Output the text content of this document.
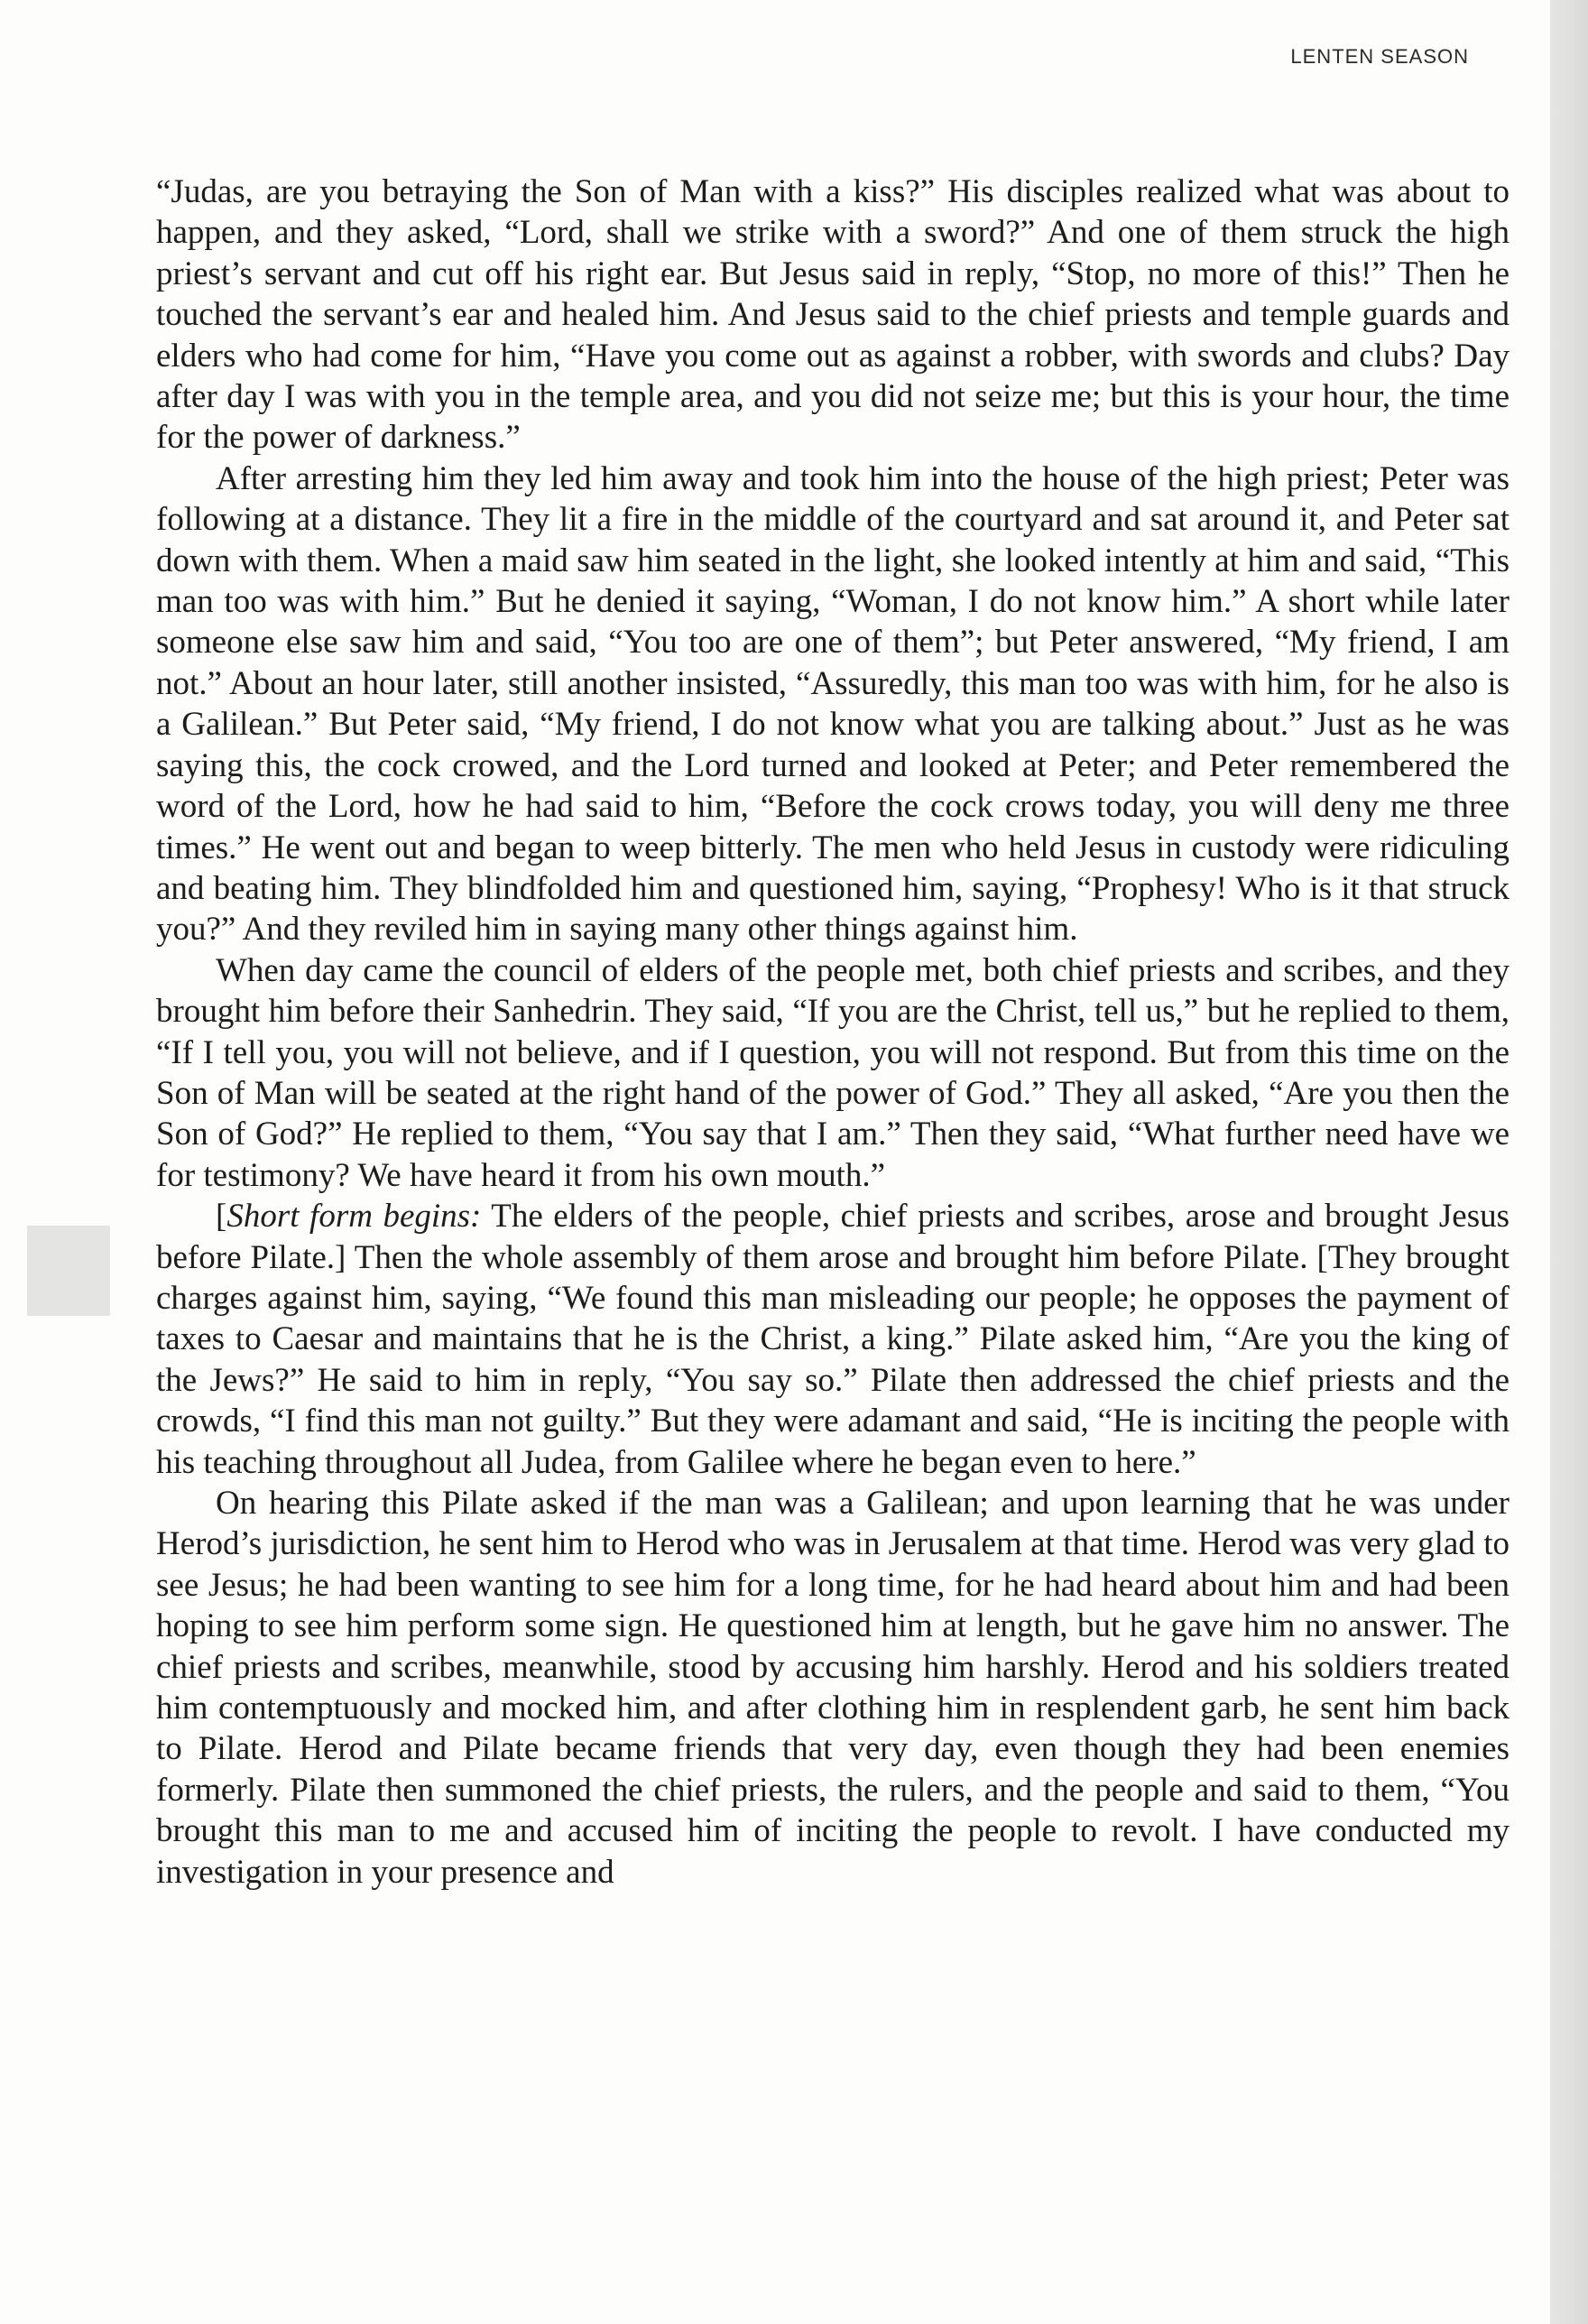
LENTEN SEASON

“Judas, are you betraying the Son of Man with a kiss?” His disciples realized what was about to happen, and they asked, “Lord, shall we strike with a sword?” And one of them struck the high priest’s servant and cut off his right ear. But Jesus said in reply, “Stop, no more of this!” Then he touched the servant’s ear and healed him. And Jesus said to the chief priests and temple guards and elders who had come for him, “Have you come out as against a robber, with swords and clubs? Day after day I was with you in the temple area, and you did not seize me; but this is your hour, the time for the power of darkness.”

After arresting him they led him away and took him into the house of the high priest; Peter was following at a distance. They lit a fire in the middle of the courtyard and sat around it, and Peter sat down with them. When a maid saw him seated in the light, she looked intently at him and said, “This man too was with him.” But he denied it saying, “Woman, I do not know him.” A short while later someone else saw him and said, “You too are one of them”; but Peter answered, “My friend, I am not.” About an hour later, still another insisted, “Assuredly, this man too was with him, for he also is a Galilean.” But Peter said, “My friend, I do not know what you are talking about.” Just as he was saying this, the cock crowed, and the Lord turned and looked at Peter; and Peter remembered the word of the Lord, how he had said to him, “Before the cock crows today, you will deny me three times.” He went out and began to weep bitterly. The men who held Jesus in custody were ridiculing and beating him. They blindfolded him and questioned him, saying, “Prophesy! Who is it that struck you?” And they reviled him in saying many other things against him.

When day came the council of elders of the people met, both chief priests and scribes, and they brought him before their Sanhedrin. They said, “If you are the Christ, tell us,” but he replied to them, “If I tell you, you will not believe, and if I question, you will not respond. But from this time on the Son of Man will be seated at the right hand of the power of God.” They all asked, “Are you then the Son of God?” He replied to them, “You say that I am.” Then they said, “What further need have we for testimony? We have heard it from his own mouth.”

[Short form begins: The elders of the people, chief priests and scribes, arose and brought Jesus before Pilate.] Then the whole assembly of them arose and brought him before Pilate. [They brought charges against him, saying, “We found this man misleading our people; he opposes the payment of taxes to Caesar and maintains that he is the Christ, a king.” Pilate asked him, “Are you the king of the Jews?” He said to him in reply, “You say so.” Pilate then addressed the chief priests and the crowds, “I find this man not guilty.” But they were adamant and said, “He is inciting the people with his teaching throughout all Judea, from Galilee where he began even to here.”

On hearing this Pilate asked if the man was a Galilean; and upon learning that he was under Herod’s jurisdiction, he sent him to Herod who was in Jerusalem at that time. Herod was very glad to see Jesus; he had been wanting to see him for a long time, for he had heard about him and had been hoping to see him perform some sign. He questioned him at length, but he gave him no answer. The chief priests and scribes, meanwhile, stood by accusing him harshly. Herod and his soldiers treated him contemptuously and mocked him, and after clothing him in resplendent garb, he sent him back to Pilate. Herod and Pilate became friends that very day, even though they had been enemies formerly. Pilate then summoned the chief priests, the rulers, and the people and said to them, “You brought this man to me and accused him of inciting the people to revolt. I have conducted my investigation in your presence and
